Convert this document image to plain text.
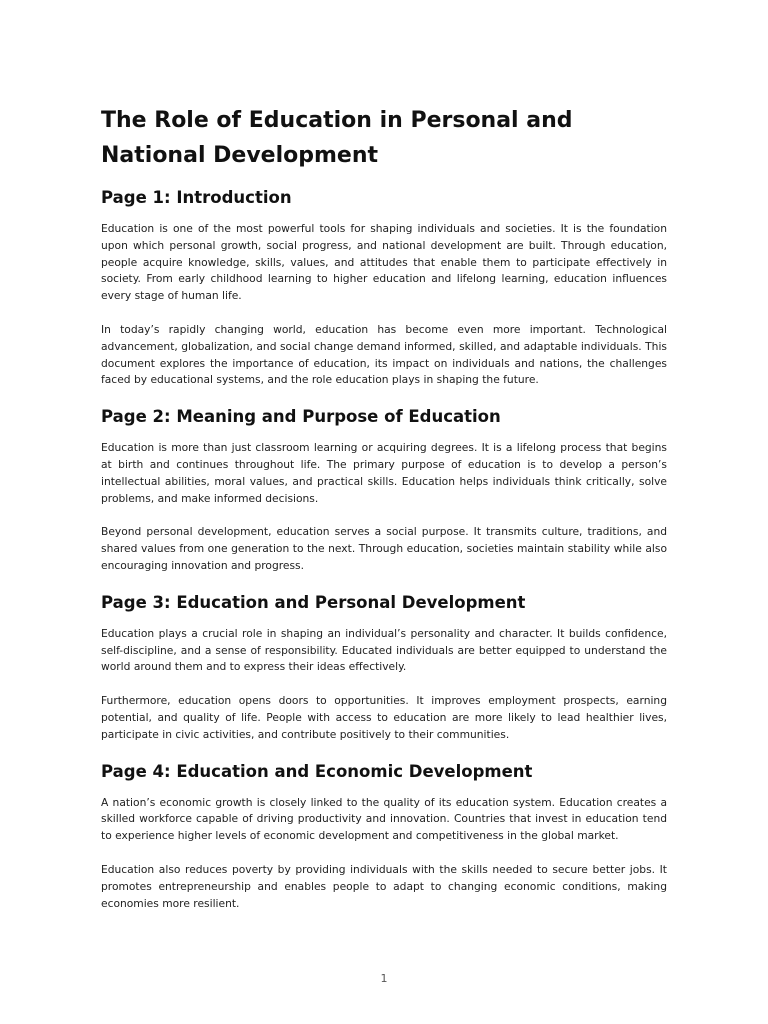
The Role of Education in Personal and National Development
Page 1: Introduction

Education is one of the most powerful tools for shaping individuals and societies. It is the foundation upon which personal growth, social progress, and national development are built. Through education, people acquire knowledge, skills, values, and attitudes that enable them to participate effectively in society. From early childhood learning to higher education and lifelong learning, education influences every stage of human life.

In today’s rapidly changing world, education has become even more important. Technological advancement, globalization, and social change demand informed, skilled, and adaptable individuals. This document explores the importance of education, its impact on individuals and nations, the challenges faced by educational systems, and the role education plays in shaping the future.

Page 2: Meaning and Purpose of Education

Education is more than just classroom learning or acquiring degrees. It is a lifelong process that begins at birth and continues throughout life. The primary purpose of education is to develop a person’s intellectual abilities, moral values, and practical skills. Education helps individuals think critically, solve problems, and make informed decisions.

Beyond personal development, education serves a social purpose. It transmits culture, traditions, and shared values from one generation to the next. Through education, societies maintain stability while also encouraging innovation and progress.

Page 3: Education and Personal Development

Education plays a crucial role in shaping an individual’s personality and character. It builds confidence, self-discipline, and a sense of responsibility. Educated individuals are better equipped to understand the world around them and to express their ideas effectively.

Furthermore, education opens doors to opportunities. It improves employment prospects, earning potential, and quality of life. People with access to education are more likely to lead healthier lives, participate in civic activities, and contribute positively to their communities.

Page 4: Education and Economic Development

A nation’s economic growth is closely linked to the quality of its education system. Education creates a skilled workforce capable of driving productivity and innovation. Countries that invest in education tend to experience higher levels of economic development and competitiveness in the global market.

Education also reduces poverty by providing individuals with the skills needed to secure better jobs. It promotes entrepreneurship and enables people to adapt to changing economic conditions, making economies more resilient.

1
